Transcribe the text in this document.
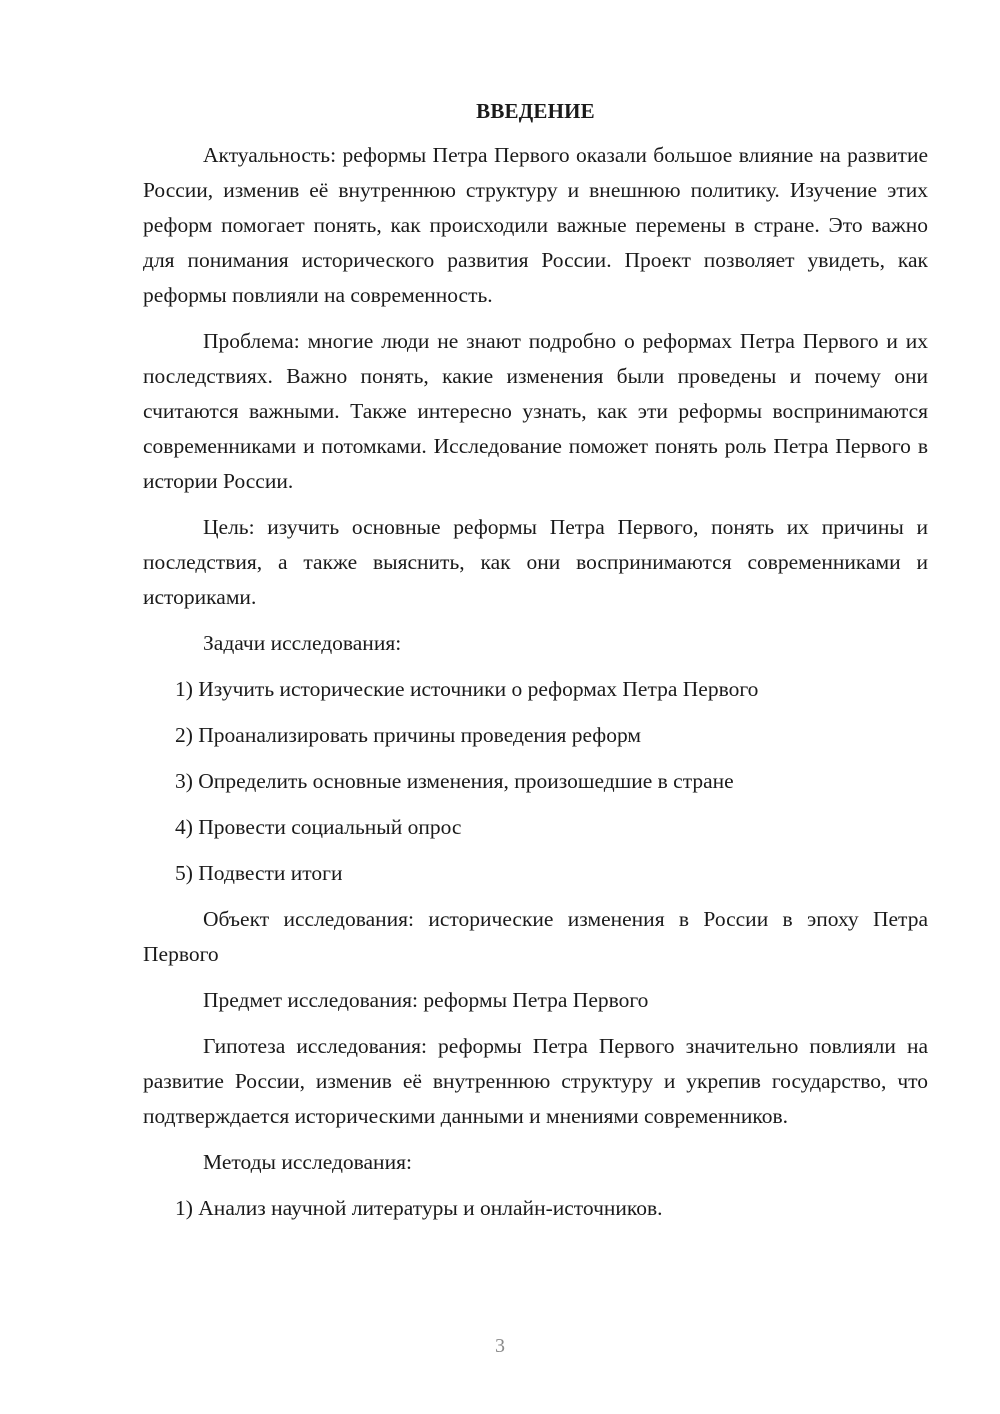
ВВЕДЕНИЕ

Актуальность: реформы Петра Первого оказали большое влияние на развитие России, изменив её внутреннюю структуру и внешнюю политику. Изучение этих реформ помогает понять, как происходили важные перемены в стране. Это важно для понимания исторического развития России. Проект позволяет увидеть, как реформы повлияли на современность.

Проблема: многие люди не знают подробно о реформах Петра Первого и их последствиях. Важно понять, какие изменения были проведены и почему они считаются важными. Также интересно узнать, как эти реформы воспринимаются современниками и потомками. Исследование поможет понять роль Петра Первого в истории России.

Цель: изучить основные реформы Петра Первого, понять их причины и последствия, а также выяснить, как они воспринимаются современниками и историками.

Задачи исследования:

1) Изучить исторические источники о реформах Петра Первого

2) Проанализировать причины проведения реформ

3) Определить основные изменения, произошедшие в стране

4) Провести социальный опрос

5) Подвести итоги

Объект исследования: исторические изменения в России в эпоху Петра Первого

Предмет исследования: реформы Петра Первого

Гипотеза исследования: реформы Петра Первого значительно повлияли на развитие России, изменив её внутреннюю структуру и укрепив государство, что подтверждается историческими данными и мнениями современников.

Методы исследования:

1) Анализ научной литературы и онлайн-источников.

3
